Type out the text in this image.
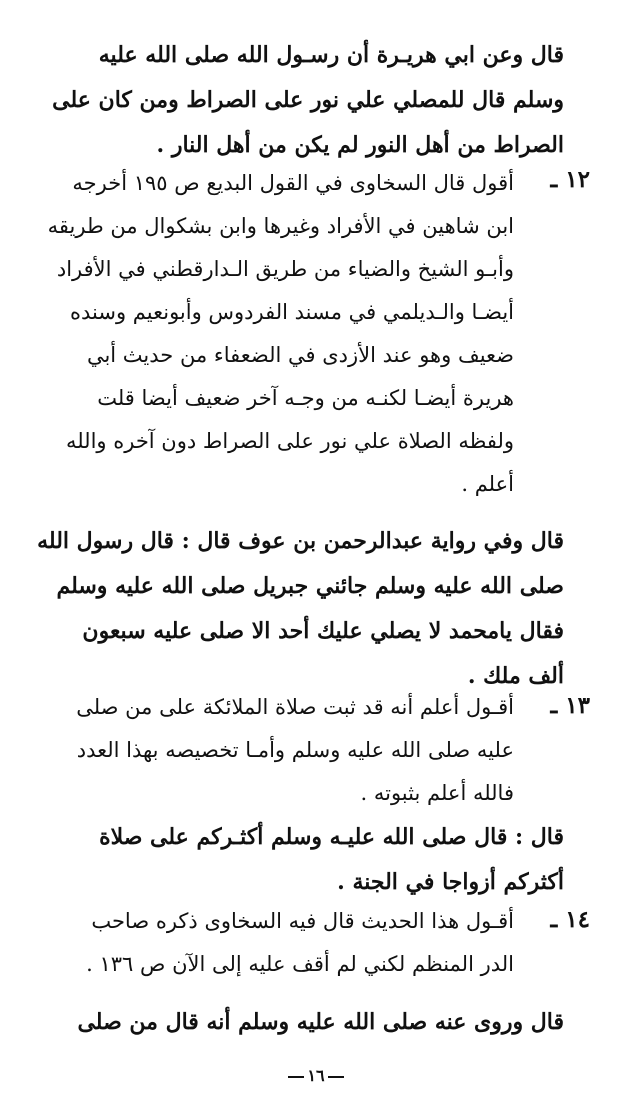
قال وعن ابي هريـرة أن رسـول الله صلى الله عليه
وسلم قال للمصلي علي نور على الصراط ومن كان على
الصراط من أهل النور لم يكن من أهل النار .
١٢ ـ
أقول قال السخاوى في القول البديع ص ١٩٥ أخرجه
ابن شاهين في الأفراد وغيرها وابن بشكوال من طريقه
وأبـو الشيخ والضياء من طريق الـدارقطني في الأفراد
أيضـا والـديلمي في مسند الفردوس وأبونعيم وسنده
ضعيف وهو عند الأزدى في الضعفاء من حديث أبي
هريرة أيضـا لكنـه من وجـه آخر ضعيف أيضا قلت
ولفظه الصلاة علي نور على الصراط دون آخره والله
أعلم .
قال وفي رواية عبدالرحمن بن عوف قال : قال رسول الله
صلى الله عليه وسلم جائني جبريل صلى الله عليه وسلم
فقال يامحمد لا يصلي عليك أحد الا صلى عليه سبعون
ألف ملك .
١٣ ـ
أقـول أعلم أنه قد ثبت صلاة الملائكة على من صلى
عليه صلى الله عليه وسلم وأمـا تخصيصه بهذا العدد
فالله أعلم بثبوته .
قال : قال صلى الله عليـه وسلم أكثـركم على صلاة
أكثركم أزواجا في الجنة .
١٤ ـ
أقـول هذا الحديث قال فيه السخاوى ذكره صاحب
الدر المنظم لكني لم أقف عليه إلى الآن ص ١٣٦ .
قال وروى عنه صلى الله عليه وسلم أنه قال من صلى
١٦
